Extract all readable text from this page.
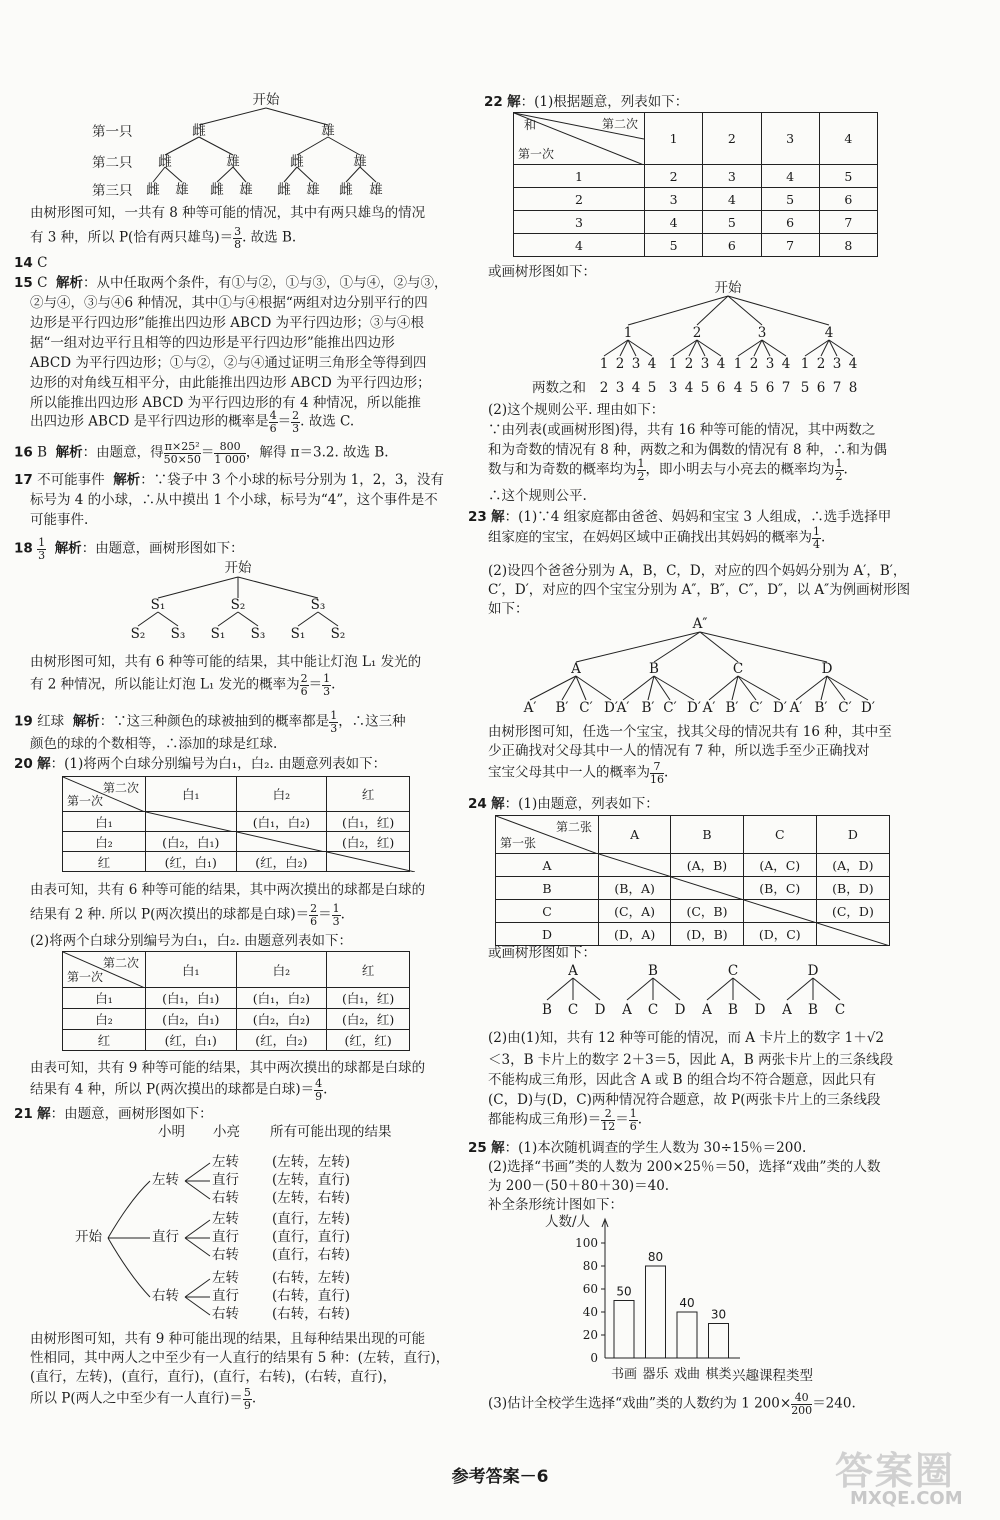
开始
第一只
第二只
第三只
雌	雄
雌	雄	雌	雄
雌 雄 雌 雄 雌 雄 雌 雄
由树形图可知，一共有 8 种等可能的情况，其中有两只雄鸟的情况
有 3 种，所以 P(恰有两只雄鸟)＝ $\frac{3}{8}$ . 故选 B.
14 C
15 C 解析：从中任取两个条件，有①与②，①与③，①与④，②与③，
②与④，③与④6 种情况，其中①与④根据“两组对边分别平行的四
边形是平行四边形”能推出四边形 ABCD 为平行四边形；③与④根
据“一组对边平行且相等的四边形是平行四边形”能推出四边形
ABCD 为平行四边形；①与②，②与④通过证明三角形全等得到四
边形的对角线互相平分，由此能推出四边形 ABCD 为平行四边形；
所以能推出四边形 ABCD 为平行四边形的有 4 种情况，所以能推
出四边形 ABCD 是平行四边形的概率是 $\frac{4}{6} = \frac{2}{3}$ . 故选 C.
16 B 解析：由题意，得 $\frac{\text{π×25²}}{50\times 50} = \frac{800}{1 000}$ ，解得 π＝3.2. 故选 B.
17 不可能事件 解析：∵袋子中 3 个小球的标号分别为 1，2，3，没有
标号为 4 的小球，∴从中摸出 1 个小球，标号为“4”，这个事件是不
可能事件.
$18 \frac{1}{3}$ 解析：由题意，画树形图如下：
开始
S₁	S₂	S₃
S₂ S₃ S₁ S₃ S₁ S₂
由树形图可知，共有 6 种等可能的结果，其中能让灯泡 L₁ 发光的
有 2 种情况，所以能让灯泡 L₁ 发光的概率为 $\frac{2}{6} = \frac{1}{3}$ .
19 红球 解析：∵这三种颜色的球被抽到的概率都是 $\frac{1}{3}$ ，∴这三种
颜色的球的个数相等，∴添加的球是红球.
20 解：(1)将两个白球分别编号为白₁，白₂. 由题意列表如下：
第二次
第一次	白₁	白₂	红
白₁		(白₁，白₂)	(白₁，红)
白₂	(白₂，白₁)		(白₂，红)
红	(红，白₁)	(红，白₂)	
由表可知，共有 6 种等可能的结果，其中两次摸出的球都是白球的
结果有 2 种. 所以 P(两次摸出的球都是白球)＝ $\frac{2}{6} = \frac{1}{3}$ .
(2)将两个白球分别编号为白₁，白₂. 由题意列表如下：
第二次
第一次	白₁	白₂	红
白₁	(白₁，白₁)	(白₁，白₂)	(白₁，红)
白₂	(白₂，白₁)	(白₂，白₂)	(白₂，红)
红	(红，白₁)	(红，白₂)	(红，红)
由表可知，共有 9 种等可能的结果，其中两次摸出的球都是白球的
结果有 4 种，所以 P(两次摸出的球都是白球)＝ $\frac{4}{9}$ .
21 解：由题意，画树形图如下：
小明 小亮 所有可能出现的结果
开始
左转
直行
右转
左转
直行
右转
左转
直行
右转
左转
直行
右转
(左转，左转)
(左转，直行)
(左转，右转)
(直行，左转)
(直行，直行)
(直行，右转)
(右转，左转)
(右转，直行)
(右转，右转)
由树形图可知，共有 9 种可能出现的结果，且每种结果出现的可能
性相同，其中两人之中至少有一人直行的结果有 5 种：(左转，直行)，
(直行，左转)，(直行，直行)，(直行，右转)，(右转，直行)，
所以 P(两人之中至少有一人直行)＝ $\frac{5}{9}$ .
22 解：(1)根据题意，列表如下：
和 第二次
第一次	1	2	3	4
1	2	3	4	5
2	3	4	5	6
3	4	5	6	7
4	5	6	7	8
或画树形图如下：
开始
1	2	3	4
1 2 3 4 1 2 3 4 1 2 3 4 1 2 3 4
两数之和 2 3 4 5 3 4 5 6 4 5 6 7 5 6 7 8
(2)这个规则公平. 理由如下：
∵由列表(或画树形图)得，共有 16 种等可能的情况，其中两数之
和为奇数的情况有 8 种，两数之和为偶数的情况有 8 种，∴和为偶
数与和为奇数的概率均为 $\frac{1}{2}$ ，即小明去与小亮去的概率均为 $\frac{1}{2}$ .
∴这个规则公平.
23 解：(1)∵4 组家庭都由爸爸、妈妈和宝宝 3 人组成，∴选手选择甲
组家庭的宝宝，在妈妈区域中正确找出其妈妈的概率为 $\frac{1}{4}$ .
(2)设四个爸爸分别为 A，B，C，D，对应的四个妈妈分别为 A′，B′，
C′，D′，对应的四个宝宝分别为 A″，B″，C″，D″，以 A″为例画树形图
如下：
A″
A	B	C	D
A′ B′ C′ D′
A′ B′ C′ D′ A′ B′ C′ D′ A′ B′ C′ D′
由树形图可知，任选一个宝宝，找其父母的情况共有 16 种，其中至
少正确找对父母其中一人的情况有 7 种，所以选手至少正确找对
宝宝父母其中一人的概率为 $\frac{7}{16}$ .
24 解：(1)由题意，列表如下：
第二张
第一张	A	B	C	D
A		(A，B)	(A，C)	(A，D)
B	(B，A)		(B，C)	(B，D)
C	(C，A)	(C，B)		(C，D)
D	(D，A)	(D，B)	(D，C)	
或画树形图如下：
A	B	C	D
B C D A C D A B D A B C
(2)由(1)知，共有 12 种等可能的情况，而 A 卡片上的数字 1＋√2
＜3，B 卡片上的数字 2＋3＝5，因此 A，B 两张卡片上的三条线段
不能构成三角形，因此含 A 或 B 的组合均不符合题意，因此只有
(C，D)与(D，C)两种情况符合题意，故 P(两张卡片上的三条线段
都能构成三角形)＝ $\frac{2}{12} = \frac{1}{6}$ .
25 解：(1)本次随机调查的学生人数为 30÷15％＝200.
(2)选择“书画”类的人数为 200×25％＝50，选择“戏曲”类的人数
为 200－(50＋80＋30)＝40.
补全条形统计图如下：
0
20
40
60
80
100
50
书画
80
器乐
40
戏曲
30
棋类
人数/人
兴趣课程类型
(3)估计全校学生选择“戏曲”类的人数约为 1 $200\times \frac{40}{200} =240$.
参考答案－6	答案圈
MXQE.COM
